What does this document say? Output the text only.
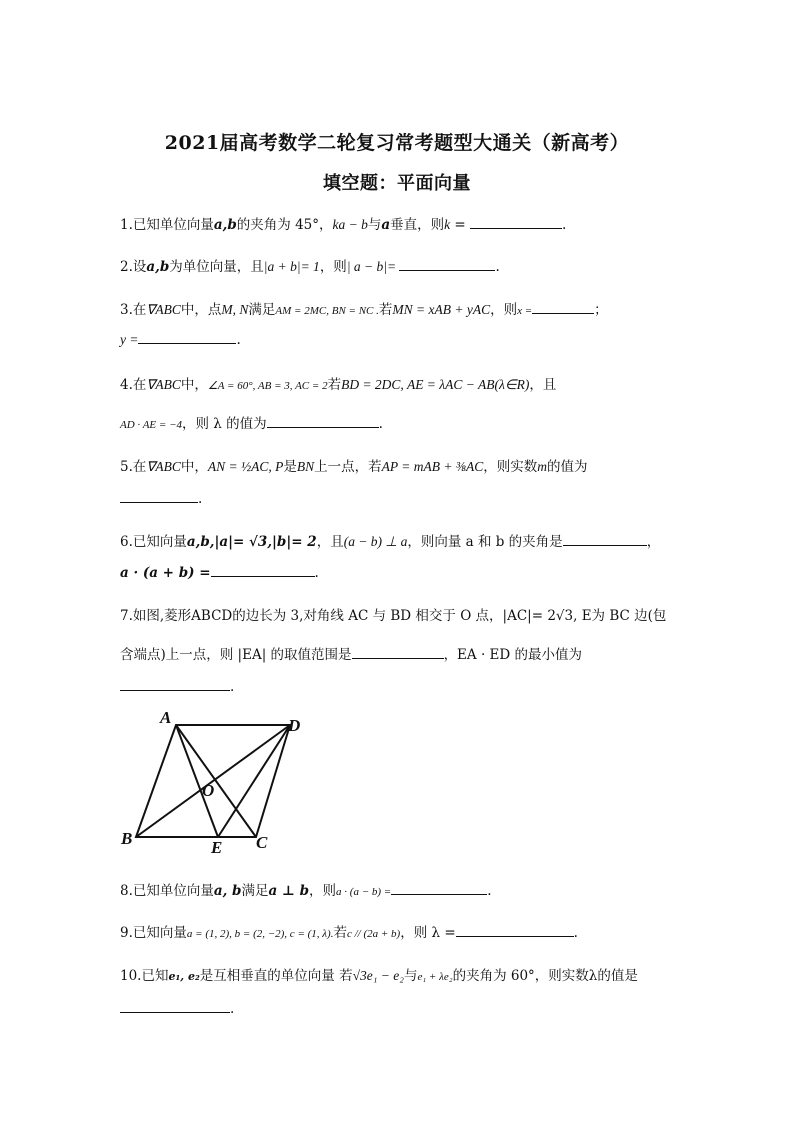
2021届高考数学二轮复习常考题型大通关（新高考）
填空题：平面向量
1.已知单位向量a,b的夹角为 45°，ka − b与a垂直，则k =	.
2.设a,b为单位向量，且|a + b|= 1，则| a − b|=	.
3.在∇ABC中，点M, N满足AM = 2MC, BN = NC .若MN = xAB + yAC，则x =	；
y =	.
4.在∇ABC中，∠A = 60°, AB = 3, AC = 2若BD = 2DC, AE = λAC − AB(λ∈R)，且
AD · AE = −4，则 λ 的值为	.
5.在∇ABC中，AN = ½AC, P是BN上一点，若AP = mAB + ⅜AC，则实数m的值为
.
6.已知向量a,b,|a|= √3,|b|= 2，且(a − b) ⊥ a，则向量 a 和 b 的夹角是	，
a · (a + b) =	.
7.如图,菱形ABCD的边长为 3,对角线 AC 与 BD 相交于 O 点，|AC|= 2√3, E为 BC 边(包
含端点)上一点，则 |EA| 的取值范围是	，EA · ED 的最小值为
.
A	D
O
B	E C
8.已知单位向量a, b满足a ⊥ b，则a · (a − b) =	.
9.已知向量a = (1, 2), b = (2, −2), c = (1, λ).若c // (2a + b)，则 λ =	.
10.已知e₁, e₂是互相垂直的单位向量 若√3e₁ − e₂与e₁ + λe₂的夹角为 60°，则实数λ的值是
.
